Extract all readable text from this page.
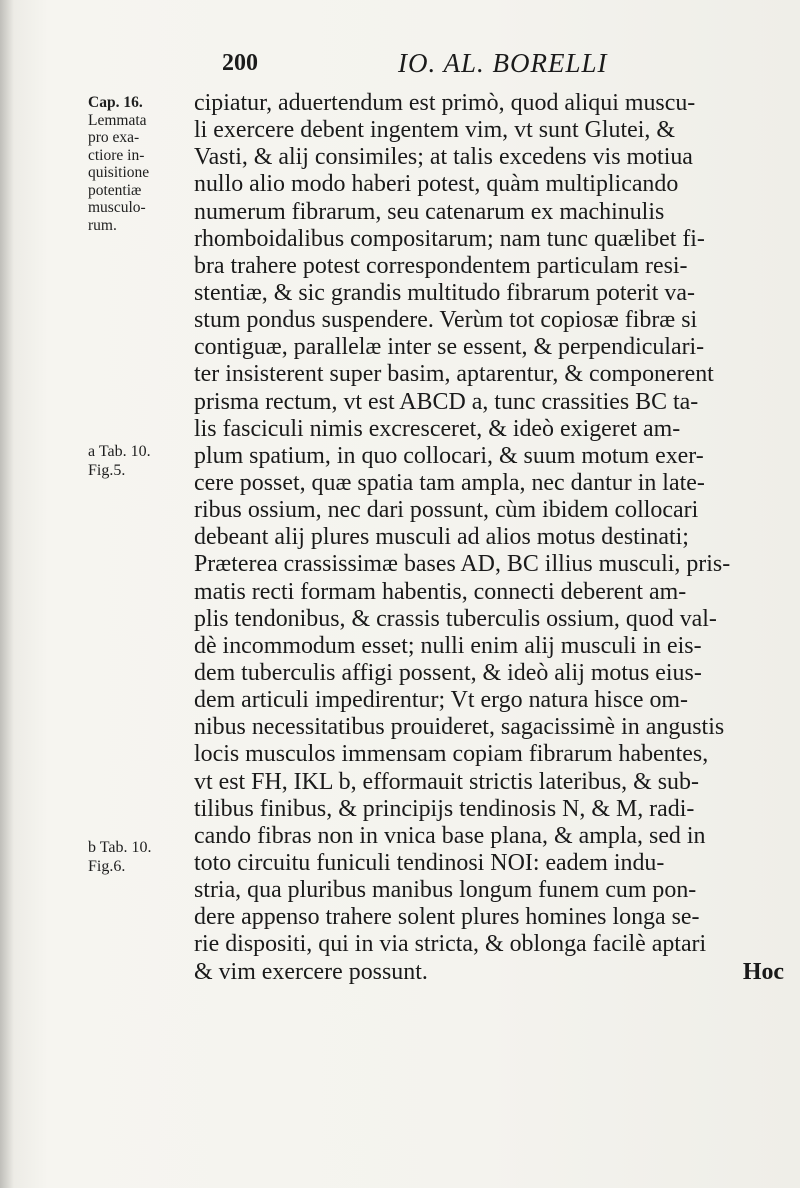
200	IO. AL. BORELLI
Cap. 16.
Lemmata
pro exa-
ctiore in-
quisitione
potentiæ
musculo-
rum.
a Tab. 10.
Fig.5.
b Tab. 10.
Fig.6.
cipiatur, aduertendum est primò, quod aliqui muscu-
li exercere debent ingentem vim, vt sunt Glutei, &
Vasti, & alij consimiles; at talis excedens vis motiua
nullo alio modo haberi potest, quàm multiplicando
numerum fibrarum, seu catenarum ex machinulis
rhomboidalibus compositarum; nam tunc quælibet fi-
bra trahere potest correspondentem particulam resi-
stentiæ, & sic grandis multitudo fibrarum poterit va-
stum pondus suspendere. Verùm tot copiosæ fibræ si
contiguæ, parallelæ inter se essent, & perpendiculari-
ter insisterent super basim, aptarentur, & componerent
prisma rectum, vt est ABCD a, tunc crassities BC ta-
lis fasciculi nimis excresceret, & ideò exigeret am-
plum spatium, in quo collocari, & suum motum exer-
cere posset, quæ spatia tam ampla, nec dantur in late-
ribus ossium, nec dari possunt, cùm ibidem collocari
debeant alij plures musculi ad alios motus destinati;
Præterea crassissimæ bases AD, BC illius musculi, pris-
matis recti formam habentis, connecti deberent am-
plis tendonibus, & crassis tuberculis ossium, quod val-
dè incommodum esset; nulli enim alij musculi in eis-
dem tuberculis affigi possent, & ideò alij motus eius-
dem articuli impedirentur; Vt ergo natura hisce om-
nibus necessitatibus prouideret, sagacissimè in angustis
locis musculos immensam copiam fibrarum habentes,
vt est FH, IKL b, efformauit strictis lateribus, & sub-
tilibus finibus, & principijs tendinosis N, & M, radi-
cando fibras non in vnica base plana, & ampla, sed in
toto circuitu funiculi tendinosi NOI: eadem indu-
stria, qua pluribus manibus longum funem cum pon-
dere appenso trahere solent plures homines longa se-
rie dispositi, qui in via stricta, & oblonga facilè aptari
& vim exercere possunt.	Hoc
